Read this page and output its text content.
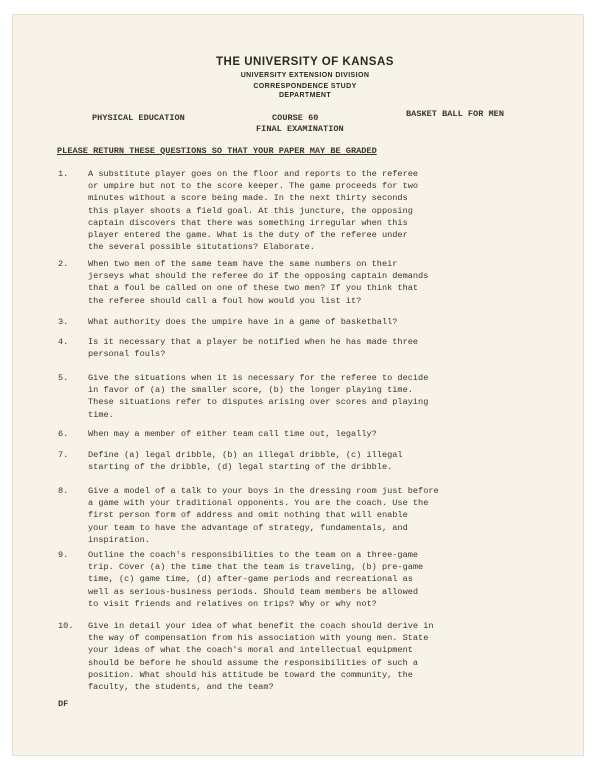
THE UNIVERSITY OF KANSAS
UNIVERSITY EXTENSION DIVISION
CORRESPONDENCE STUDY
DEPARTMENT
PHYSICAL EDUCATION	COURSE 60
FINAL EXAMINATION
BASKET BALL FOR MEN
PLEASE RETURN THESE QUESTIONS SO THAT YOUR PAPER MAY BE GRADED
1.	A substitute player goes on the floor and reports to the referee
or umpire but not to the score keeper. The game proceeds for two
minutes without a score being made. In the next thirty seconds
this player shoots a field goal. At this juncture, the opposing
captain discovers that there was something irregular when this
player entered the game. What is the duty of the referee under
the several possible situtations? Elaborate.
2.	When two men of the same team have the same numbers on their
jerseys what should the referee do if the opposing captain demands
that a foul be called on one of these two men? If you think that
the referee should call a foul how would you list it?
3.	What authority does the umpire have in a game of basketball?
4.	Is it necessary that a player be notified when he has made three
personal fouls?
5.	Give the situations when it is necessary for the referee to decide
in favor of (a) the smaller score, (b) the longer playing time.
These situations refer to disputes arising over scores and playing
time.
6.	When may a member of either team call time out, legally?
7.	Define (a) legal dribble, (b) an illegal dribble, (c) illegal
starting of the dribble, (d) legal starting of the dribble.
8.	Give a model of a talk to your boys in the dressing room just before
a game with your traditional opponents. You are the coach. Use the
first person form of address and omit nothing that will enable
your team to have the advantage of strategy, fundamentals, and
inspiration.
9.	Outline the coach's responsibilities to the team on a three-game
trip. Cover (a) the time that the team is traveling, (b) pre-game
time, (c) game time, (d) after-game periods and recreational as
well as serious-business periods. Should team members be allowed
to visit friends and relatives on trips? Why or why not?
10.	Give in detail your idea of what benefit the coach should derive in
the way of compensation from his association with young men. State
your ideas of what the coach's moral and intellectual equipment
should be before he should assume the responsibilities of such a
position. What should his attitude be toward the community, the
faculty, the students, and the team?
DF
